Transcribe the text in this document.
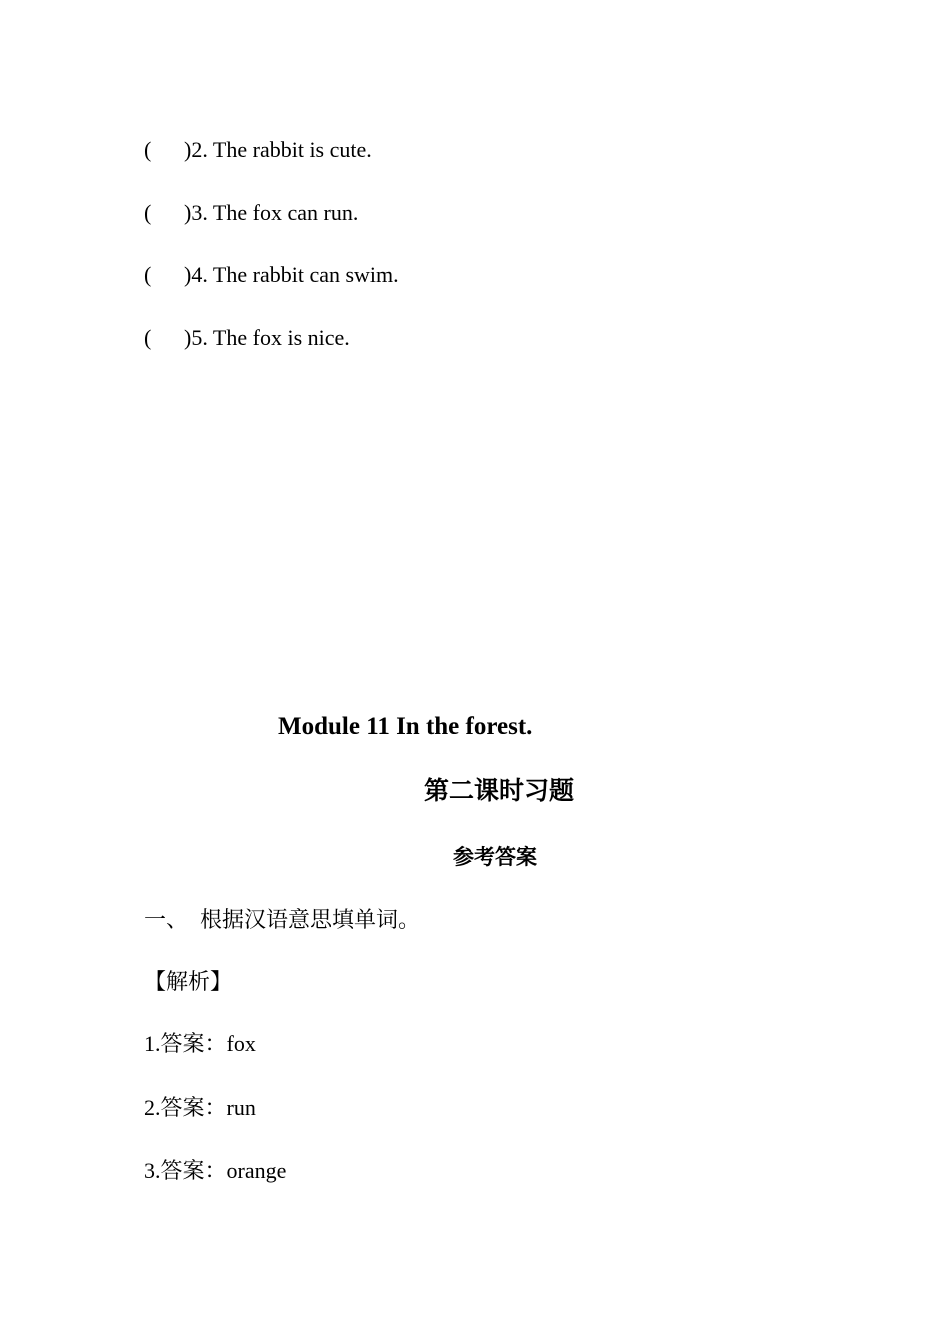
( )2. The rabbit is cute.
( )3. The fox can run.
( )4. The rabbit can swim.
( )5. The fox is nice.
Module 11 In the forest.
第二课时习题
参考答案
一、 根据汉语意思填单词。
【解析】
1.答案：fox
2.答案：run
3.答案：orange
